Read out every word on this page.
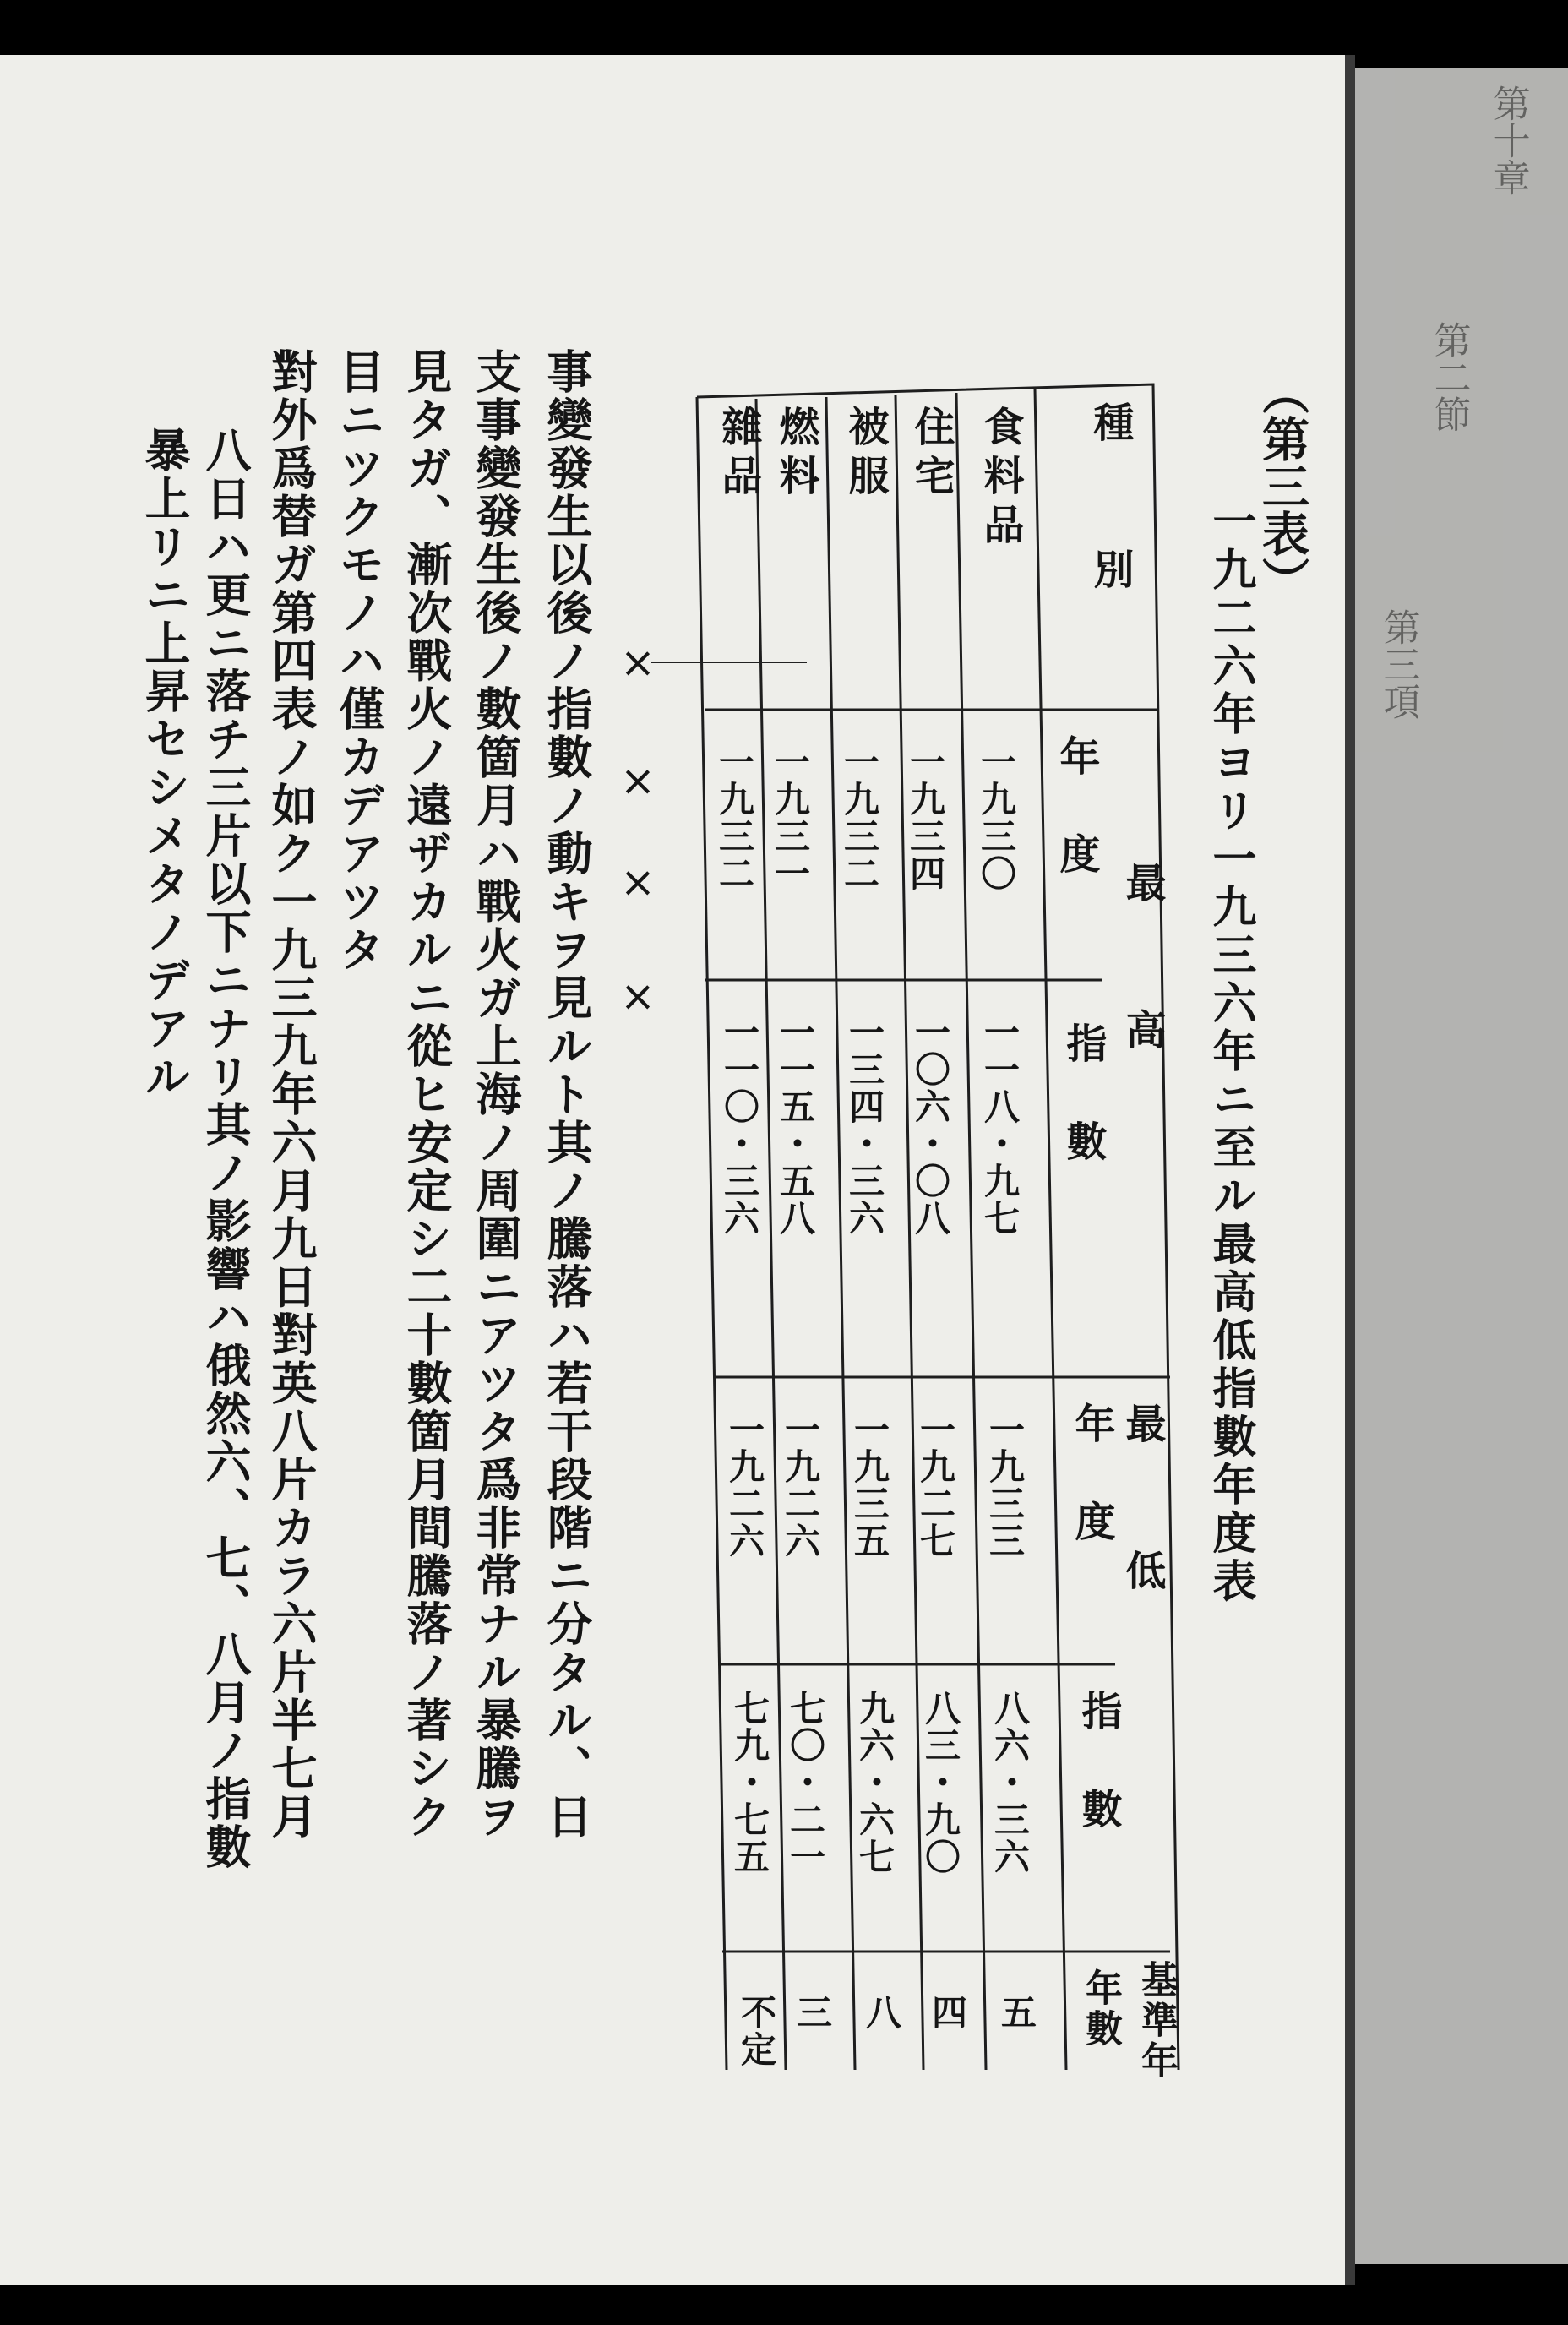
第十章
第二節
第三項
（第三表）
一九二六年ヨリ一九三六年ニ至ル最高低指數年度表
種　　別
最　　高
最　　低
年　度
指　數
年　度
指　數
基準年
年數
食料品
一九三〇
一一八・九七
一九三三
八六・三六
五
住宅
一九三四
一〇六・〇八
一九二七
八三・九〇
四
被服
一九三二
一三四・三六
一九三五
九六・六七
八
燃料
一九三一
一一五・五八
一九二六
七〇・二一
三
雜品
一九三二
一一〇・三六
一九二六
七九・七五
不定
×
×
×
×
事變發生以後ノ指數ノ動キヲ見ルト其ノ騰落ハ若干段階ニ分タル、日
支事變發生後ノ數箇月ハ戰火ガ上海ノ周圍ニアツタ爲非常ナル暴騰ヲ
見タガ、漸次戰火ノ遠ザカルニ從ヒ安定シ二十數箇月間騰落ノ著シク
目ニツクモノハ僅カデアツタ
對外爲替ガ第四表ノ如ク一九三九年六月九日對英八片カラ六片半七月
八日ハ更ニ落チ三片以下ニナリ其ノ影響ハ俄然六、七、八月ノ指數
暴上リニ上昇セシメタノデアル
